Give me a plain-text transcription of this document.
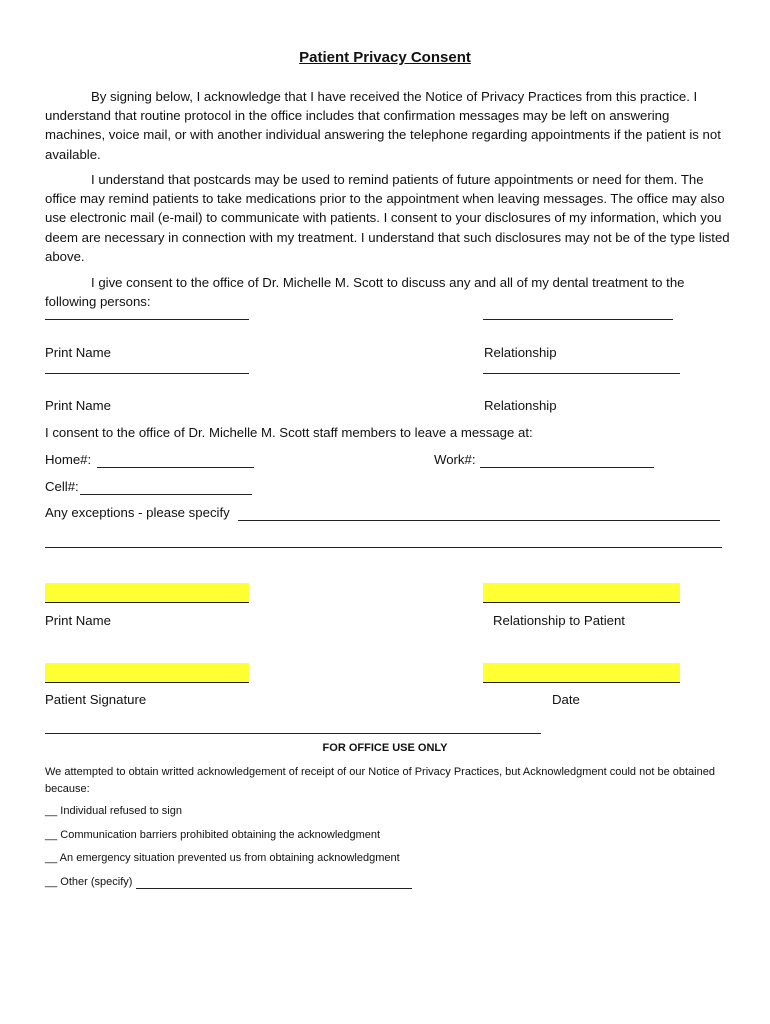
Patient Privacy Consent
By signing below, I acknowledge that I have received the Notice of Privacy Practices from this practice. I understand that routine protocol in the office includes that confirmation messages may be left on answering machines, voice mail, or with another individual answering the telephone regarding appointments if the patient is not available.
I understand that postcards may be used to remind patients of future appointments or need for them. The office may remind patients to take medications prior to the appointment when leaving messages. The office may also use electronic mail (e-mail) to communicate with patients. I consent to your disclosures of my information, which you deem are necessary in connection with my treatment. I understand that such disclosures may not be of the type listed above.
I give consent to the office of Dr. Michelle M. Scott to discuss any and all of my dental treatment to the following persons:
Print Name	Relationship
Print Name	Relationship
I consent to the office of Dr. Michelle M. Scott staff members to leave a message at:
Home#:	Work#:
Cell#:
Any exceptions - please specify
Print Name	Relationship to Patient
Patient Signature	Date
FOR OFFICE USE ONLY
We attempted to obtain writted acknowledgement of receipt of our Notice of Privacy Practices, but Acknowledgment could not be obtained because:
__ Individual refused to sign
__ Communication barriers prohibited obtaining the acknowledgment
__ An emergency situation prevented us from obtaining acknowledgment
__ Other (specify)
